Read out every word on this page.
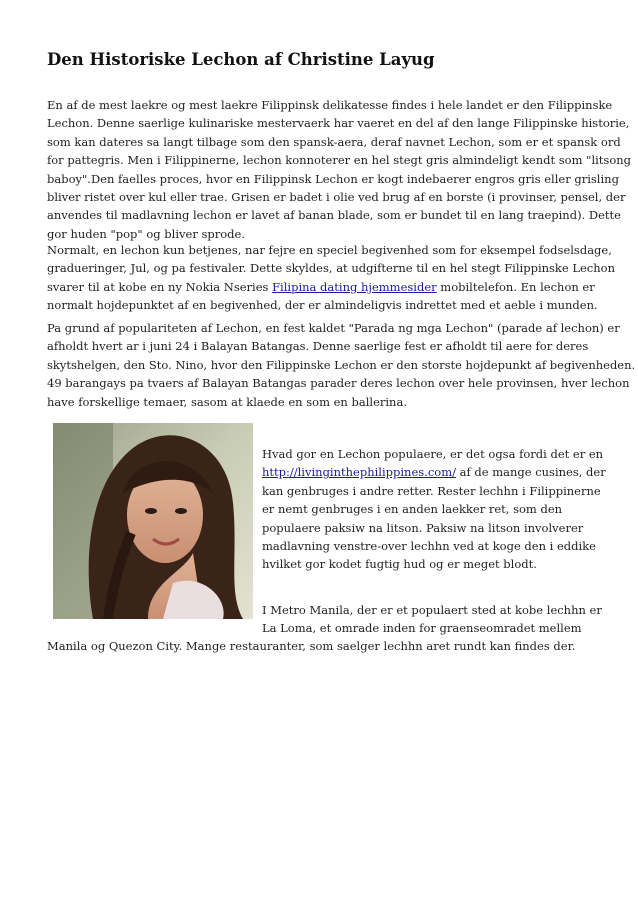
Den Historiske Lechon af Christine Layug

En af de mest laekre og mest laekre Filippinsk delikatesse findes i hele landet er den Filippinske
Lechon. Denne saerlige kulinariske mestervaerk har vaeret en del af den lange Filippinske historie,
som kan dateres sa langt tilbage som den spansk-aera, deraf navnet Lechon, som er et spansk ord
for pattegris. Men i Filippinerne, lechon konnoterer en hel stegt gris almindeligt kendt som "litsong
baboy".Den faelles proces, hvor en Filippinsk Lechon er kogt indebaerer engros gris eller grisling
bliver ristet over kul eller trae. Grisen er badet i olie ved brug af en borste (i provinser, pensel, der
anvendes til madlavning lechon er lavet af banan blade, som er bundet til en lang traepind). Dette
gor huden "pop" og bliver sprode.

Normalt, en lechon kun betjenes, nar fejre en speciel begivenhed som for eksempel fodselsdage,
gradueringer, Jul, og pa festivaler. Dette skyldes, at udgifterne til en hel stegt Filippinske Lechon
svarer til at kobe en ny Nokia Nseries Filipina dating hjemmesider mobiltelefon. En lechon er
normalt hojdepunktet af en begivenhed, der er almindeligvis indrettet med et aeble i munden.

Pa grund af populariteten af Lechon, en fest kaldet "Parada ng mga Lechon" (parade af lechon) er
afholdt hvert ar i juni 24 i Balayan Batangas. Denne saerlige fest er afholdt til aere for deres
skytshelgen, den Sto. Nino, hvor den Filippinske Lechon er den storste hojdepunkt af begivenheden.
49 barangays pa tvaers af Balayan Batangas parader deres lechon over hele provinsen, hver lechon
have forskellige temaer, sasom at klaede en som en ballerina.

Hvad gor en Lechon populaere, er det ogsa fordi det er en
http://livinginthephilippines.com/ af de mange cusines, der
kan genbruges i andre retter. Rester lechhn i Filippinerne
er nemt genbruges i en anden laekker ret, som den
populaere paksiw na litson. Paksiw na litson involverer
madlavning venstre-over lechhn ved at koge den i eddike
hvilket gor kodet fugtig hud og er meget blodt.

I Metro Manila, der er et populaert sted at kobe lechhn er
La Loma, et omrade inden for graenseomradet mellem

Manila og Quezon City. Mange restauranter, som saelger lechhn aret rundt kan findes der.
